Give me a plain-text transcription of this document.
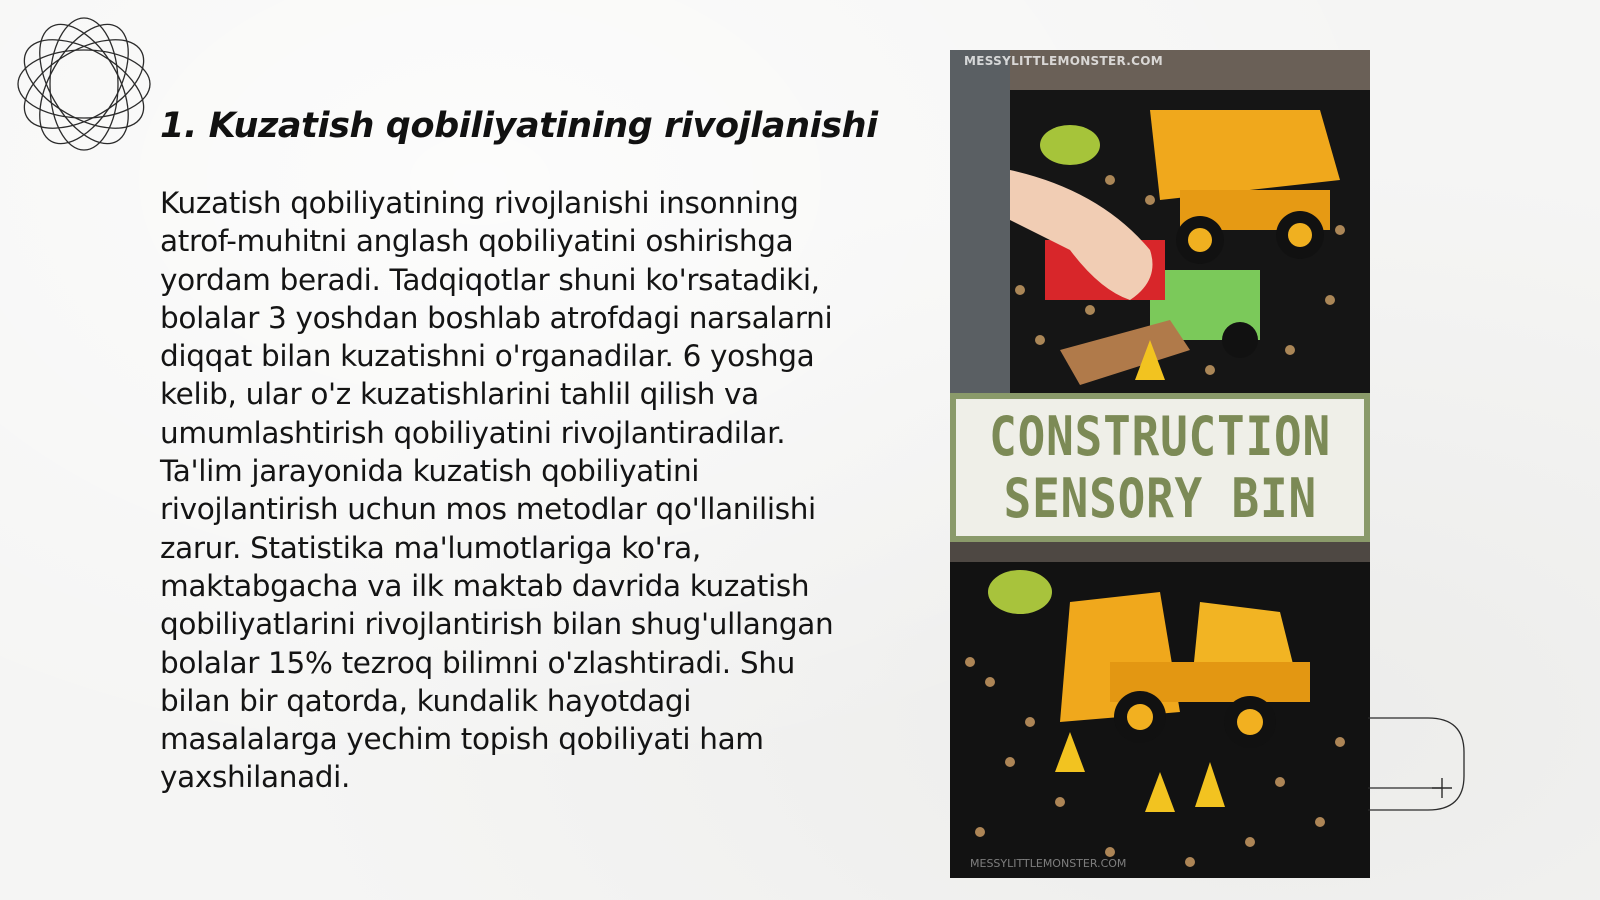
1. Kuzatish qobiliyatining rivojlanishi

Kuzatish qobiliyatining rivojlanishi insonning atrof-muhitni anglash qobiliyatini oshirishga yordam beradi. Tadqiqotlar shuni ko'rsatadiki, bolalar 3 yoshdan boshlab atrofdagi narsalarni diqqat bilan kuzatishni o'rganadilar. 6 yoshga kelib, ular o'z kuzatishlarini tahlil qilish va umumlashtirish qobiliyatini rivojlantiradilar. Ta'lim jarayonida kuzatish qobiliyatini rivojlantirish uchun mos metodlar qo'llanilishi zarur. Statistika ma'lumotlariga ko'ra, maktabgacha va ilk maktab davrida kuzatish qobiliyatlarini rivojlantirish bilan shug'ullangan bolalar 15% tezroq bilimni o'zlashtiradi. Shu bilan bir qatorda, kundalik hayotdagi masalalarga yechim topish qobiliyati ham yaxshilanadi.

CONSTRUCTION
SENSORY BIN
MESSYLITTLEMONSTER.COM
MESSYLITTLEMONSTER.COM
